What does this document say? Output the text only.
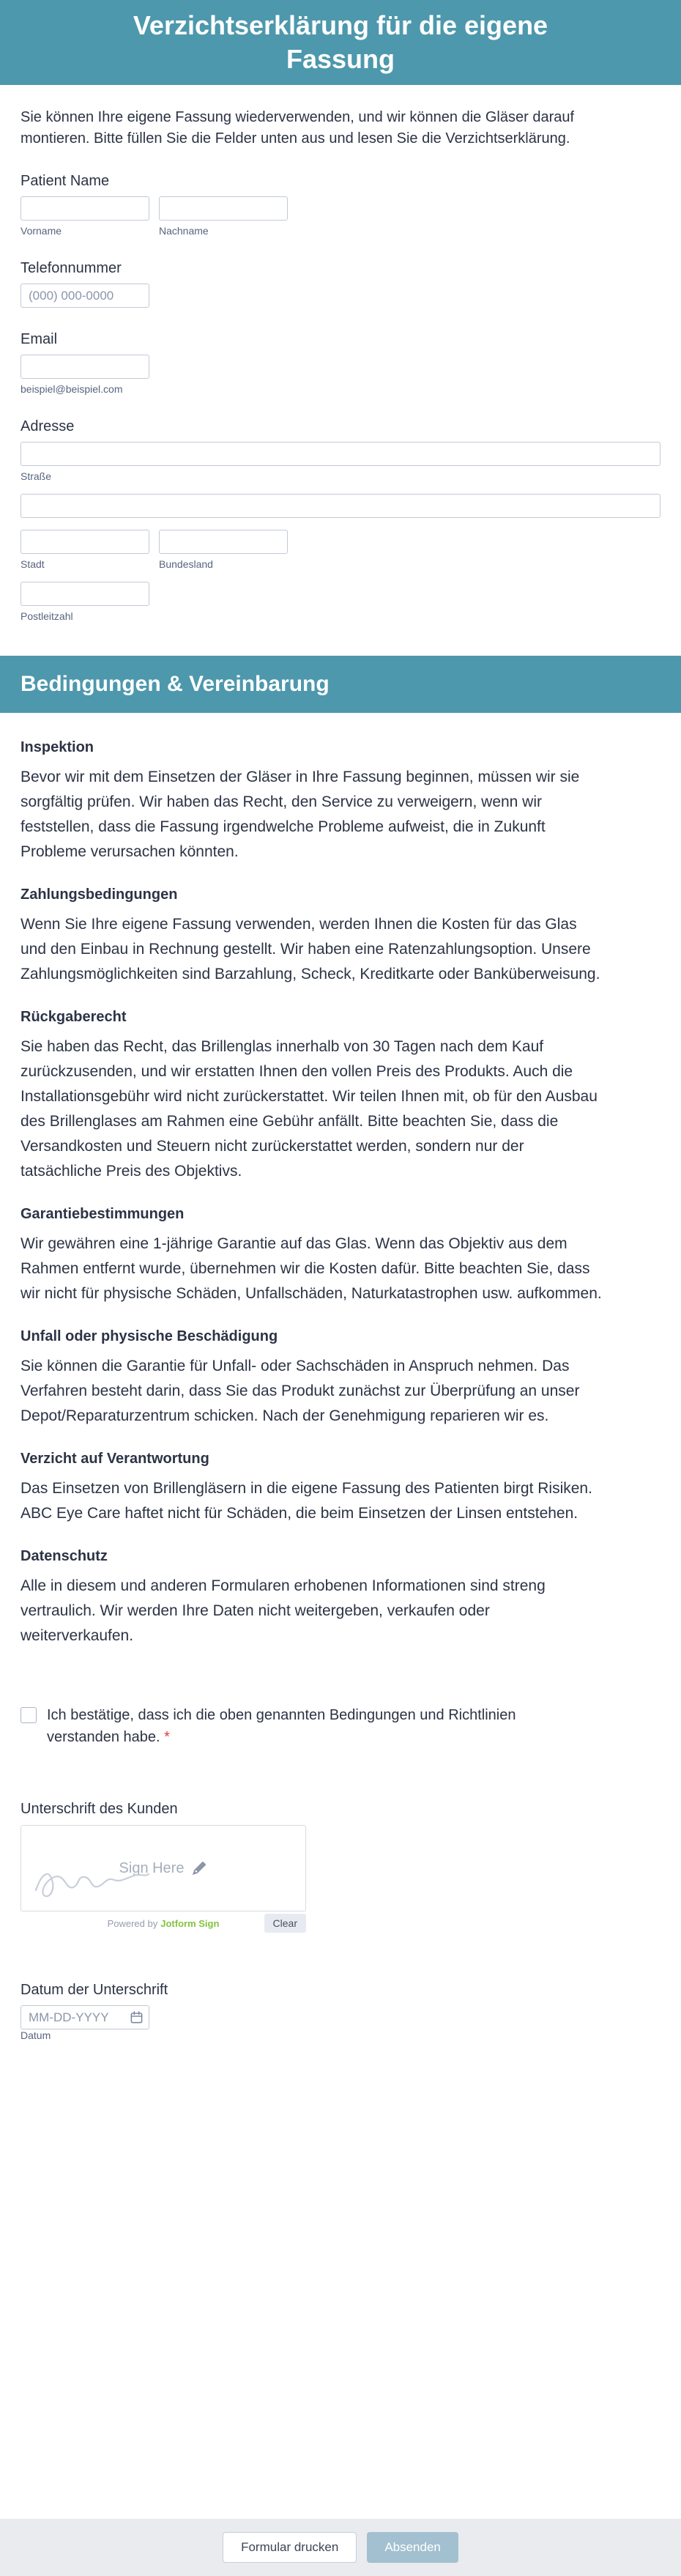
Verzichtserklärung für die eigene Fassung

Sie können Ihre eigene Fassung wiederverwenden, und wir können die Gläser darauf montieren. Bitte füllen Sie die Felder unten aus und lesen Sie die Verzichtserklärung.

Patient Name
Vorname	Nachname
Telefonnummer
(000) 000-0000
Email
beispiel@beispiel.com
Adresse
Straße
Stadt	Bundesland
Postleitzahl
Bedingungen & Vereinbarung
Inspektion

Bevor wir mit dem Einsetzen der Gläser in Ihre Fassung beginnen, müssen wir sie sorgfältig prüfen. Wir haben das Recht, den Service zu verweigern, wenn wir feststellen, dass die Fassung irgendwelche Probleme aufweist, die in Zukunft Probleme verursachen könnten.

Zahlungsbedingungen

Wenn Sie Ihre eigene Fassung verwenden, werden Ihnen die Kosten für das Glas und den Einbau in Rechnung gestellt. Wir haben eine Ratenzahlungsoption. Unsere Zahlungsmöglichkeiten sind Barzahlung, Scheck, Kreditkarte oder Banküberweisung.

Rückgaberecht

Sie haben das Recht, das Brillenglas innerhalb von 30 Tagen nach dem Kauf zurückzusenden, und wir erstatten Ihnen den vollen Preis des Produkts. Auch die Installationsgebühr wird nicht zurückerstattet. Wir teilen Ihnen mit, ob für den Ausbau des Brillenglases am Rahmen eine Gebühr anfällt. Bitte beachten Sie, dass die Versandkosten und Steuern nicht zurückerstattet werden, sondern nur der tatsächliche Preis des Objektivs.

Garantiebestimmungen

Wir gewähren eine 1-jährige Garantie auf das Glas. Wenn das Objektiv aus dem Rahmen entfernt wurde, übernehmen wir die Kosten dafür. Bitte beachten Sie, dass wir nicht für physische Schäden, Unfallschäden, Naturkatastrophen usw. aufkommen.

Unfall oder physische Beschädigung

Sie können die Garantie für Unfall- oder Sachschäden in Anspruch nehmen. Das Verfahren besteht darin, dass Sie das Produkt zunächst zur Überprüfung an unser Depot/Reparaturzentrum schicken. Nach der Genehmigung reparieren wir es.

Verzicht auf Verantwortung

Das Einsetzen von Brillengläsern in die eigene Fassung des Patienten birgt Risiken. ABC Eye Care haftet nicht für Schäden, die beim Einsetzen der Linsen entstehen.

Datenschutz

Alle in diesem und anderen Formularen erhobenen Informationen sind streng vertraulich. Wir werden Ihre Daten nicht weitergeben, verkaufen oder weiterverkaufen.

Ich bestätige, dass ich die oben genannten Bedingungen und Richtlinien verstanden habe. *
Unterschrift des Kunden
Sign Here
Powered by Jotform Sign	Clear
Datum der Unterschrift
MM-DD-YYYY
Datum
Formular drucken	Absenden
